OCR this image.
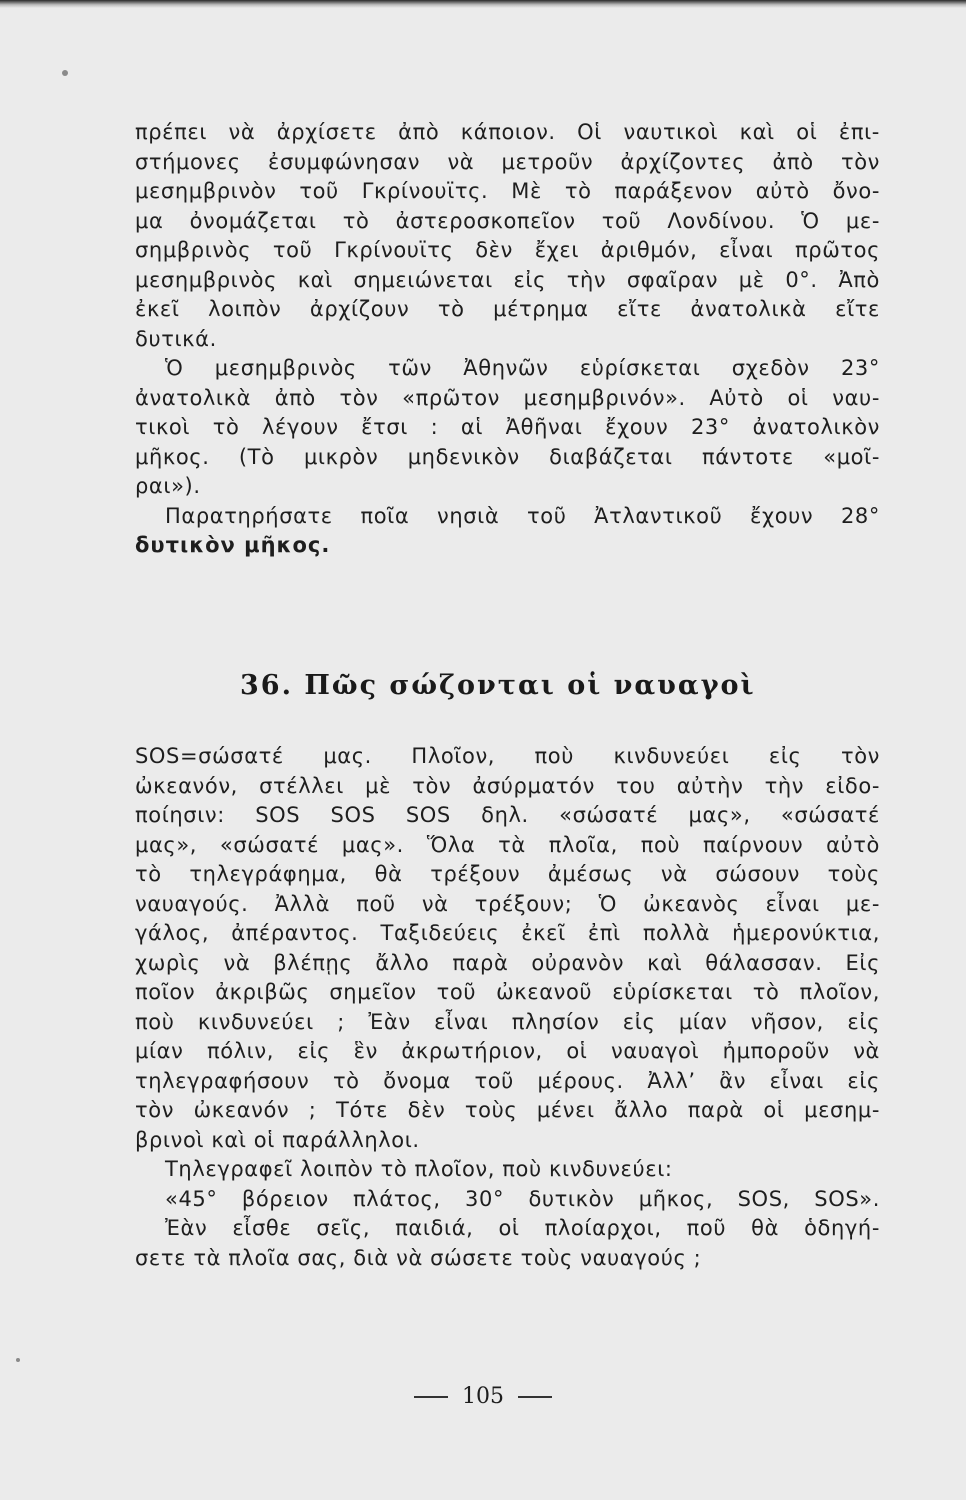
πρέπει νὰ ἀρχίσετε ἀπὸ κάποιον. Οἱ ναυτικοὶ καὶ οἱ ἐπι-
στήμονες ἐσυμφώνησαν νὰ μετροῦν ἀρχίζοντες ἀπὸ τὸν
μεσημβρινὸν τοῦ Γκρίνουϊτς. Μὲ τὸ παράξενον αὐτὸ ὄνο-
μα ὀνομάζεται τὸ ἀστεροσκοπεῖον τοῦ Λονδίνου. Ὁ με-
σημβρινὸς τοῦ Γκρίνουϊτς δὲν ἔχει ἀριθμόν, εἶναι πρῶτος
μεσημβρινὸς καὶ σημειώνεται εἰς τὴν σφαῖραν μὲ 0°. Ἀπὸ
ἐκεῖ λοιπὸν ἀρχίζουν τὸ μέτρημα εἴτε ἀνατολικὰ εἴτε
δυτικά.

Ὁ μεσημβρινὸς τῶν Ἀθηνῶν εὑρίσκεται σχεδὸν 23°
ἀνατολικὰ ἀπὸ τὸν «πρῶτον μεσημβρινόν». Αὐτὸ οἱ ναυ-
τικοὶ τὸ λέγουν ἔτσι : αἱ Ἀθῆναι ἔχουν 23° ἀνατολικὸν
μῆκος. (Τὸ μικρὸν μηδενικὸν διαβάζεται πάντοτε «μοῖ-
ραι»).

Παρατηρήσατε ποῖα νησιὰ τοῦ Ἀτλαντικοῦ ἔχουν 28°
δυτικὸν μῆκος.

36. Πῶς σώζονται οἱ ναυαγοὶ

SOS=σώσατέ μας. Πλοῖον, ποὺ κινδυνεύει εἰς τὸν
ὠκεανόν, στέλλει μὲ τὸν ἀσύρματόν του αὐτὴν τὴν εἰδο-
ποίησιν: SOS SOS SOS δηλ. «σώσατέ μας», «σώσατέ
μας», «σώσατέ μας». Ὅλα τὰ πλοῖα, ποὺ παίρνουν αὐτὸ
τὸ τηλεγράφημα, θὰ τρέξουν ἀμέσως νὰ σώσουν τοὺς
ναυαγούς. Ἀλλὰ ποῦ νὰ τρέξουν; Ὁ ὠκεανὸς εἶναι με-
γάλος, ἀπέραντος. Ταξιδεύεις ἐκεῖ ἐπὶ πολλὰ ἡμερονύκτια,
χωρὶς νὰ βλέπῃς ἄλλο παρὰ οὐρανὸν καὶ θάλασσαν. Εἰς
ποῖον ἀκριβῶς σημεῖον τοῦ ὠκεανοῦ εὑρίσκεται τὸ πλοῖον,
ποὺ κινδυνεύει ; Ἐὰν εἶναι πλησίον εἰς μίαν νῆσον, εἰς
μίαν πόλιν, εἰς ἓν ἀκρωτήριον, οἱ ναυαγοὶ ἠμποροῦν νὰ
τηλεγραφήσουν τὸ ὄνομα τοῦ μέρους. Ἀλλ’ ἂν εἶναι εἰς
τὸν ὠκεανόν ; Τότε δὲν τοὺς μένει ἄλλο παρὰ οἱ μεσημ-
βρινοὶ καὶ οἱ παράλληλοι.

Τηλεγραφεῖ λοιπὸν τὸ πλοῖον, ποὺ κινδυνεύει:
«45° βόρειον πλάτος, 30° δυτικὸν μῆκος, SOS, SOS».

Ἐὰν εἶσθε σεῖς, παιδιά, οἱ πλοίαρχοι, ποῦ θὰ ὁδηγή-
σετε τὰ πλοῖα σας, διὰ νὰ σώσετε τοὺς ναυαγούς ;

105
